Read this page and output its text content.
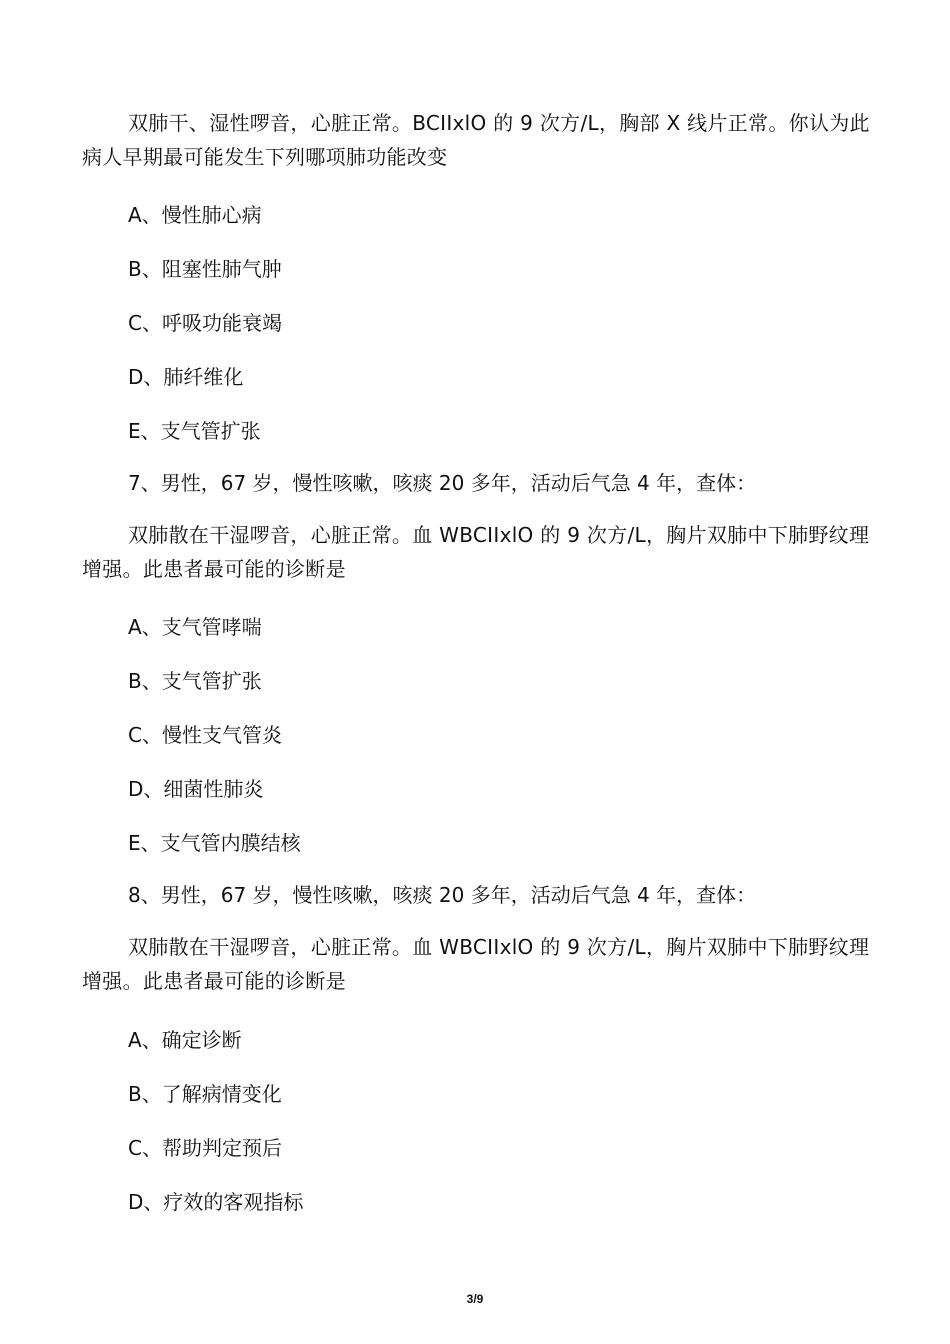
双肺干、湿性啰音，心脏正常。BCIIxlO 的 9 次方/L，胸部 X 线片正常。你认为此病人早期最可能发生下列哪项肺功能改变
A、慢性肺心病
B、阻塞性肺气肿
C、呼吸功能衰竭
D、肺纤维化
E、支气管扩张
7、男性，67 岁，慢性咳嗽，咳痰 20 多年，活动后气急 4 年，查体：
双肺散在干湿啰音，心脏正常。血 WBCIIxlO 的 9 次方/L，胸片双肺中下肺野纹理增强。此患者最可能的诊断是
A、支气管哮喘
B、支气管扩张
C、慢性支气管炎
D、细菌性肺炎
E、支气管内膜结核
8、男性，67 岁，慢性咳嗽，咳痰 20 多年，活动后气急 4 年，查体：
双肺散在干湿啰音，心脏正常。血 WBCIIxlO 的 9 次方/L，胸片双肺中下肺野纹理增强。此患者最可能的诊断是
A、确定诊断
B、了解病情变化
C、帮助判定预后
D、疗效的客观指标
3/9
